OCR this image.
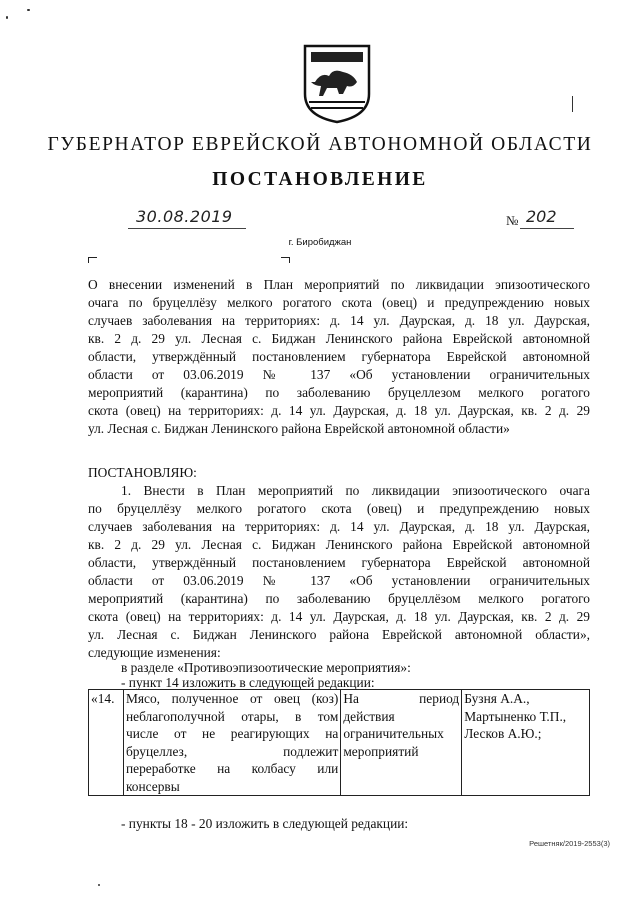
ГУБЕРНАТОР ЕВРЕЙСКОЙ АВТОНОМНОЙ ОБЛАСТИ
ПОСТАНОВЛЕНИЕ
30.08.2019	№ 202
г. Биробиджан
О внесении изменений в План мероприятий по ликвидации эпизоотического
очага по бруцеллёзу мелкого рогатого скота (овец) и предупреждению новых
случаев заболевания на территориях: д. 14 ул. Даурская, д. 18 ул. Даурская,
кв. 2 д. 29 ул. Лесная с. Биджан Ленинского района Еврейской автономной
области, утверждённый постановлением губернатора Еврейской автономной
области от 03.06.2019 № 137 «Об установлении ограничительных
мероприятий (карантина) по заболеванию бруцеллезом мелкого рогатого
скота (овец) на территориях: д. 14 ул. Даурская, д. 18 ул. Даурская, кв. 2 д. 29
ул. Лесная с. Биджан Ленинского района Еврейской автономной области»
ПОСТАНОВЛЯЮ:
1. Внести в План мероприятий по ликвидации эпизоотического очага
по бруцеллёзу мелкого рогатого скота (овец) и предупреждению новых
случаев заболевания на территориях: д. 14 ул. Даурская, д. 18 ул. Даурская,
кв. 2 д. 29 ул. Лесная с. Биджан Ленинского района Еврейской автономной
области, утверждённый постановлением губернатора Еврейской автономной
области от 03.06.2019 № 137 «Об установлении ограничительных
мероприятий (карантина) по заболеванию бруцеллёзом мелкого рогатого
скота (овец) на территориях: д. 14 ул. Даурская, д. 18 ул. Даурская, кв. 2 д. 29
ул. Лесная с. Биджан Ленинского района Еврейской автономной области»,
следующие изменения:
в разделе «Противоэпизоотические мероприятия»:
- пункт 14 изложить в следующей редакции:
«14.	Мясо, полученное от овец (коз)
неблагополучной отары, в том
числе от не реагирующих на
бруцеллез, подлежит
переработке на колбасу или
консервы

На период
действия
ограничительных
мероприятий

Бузня А.А.,
Мартыненко Т.П.,
Лесков А.Ю.;
- пункты 18 - 20 изложить в следующей редакции:
Решетняк/2019-2553(3)
